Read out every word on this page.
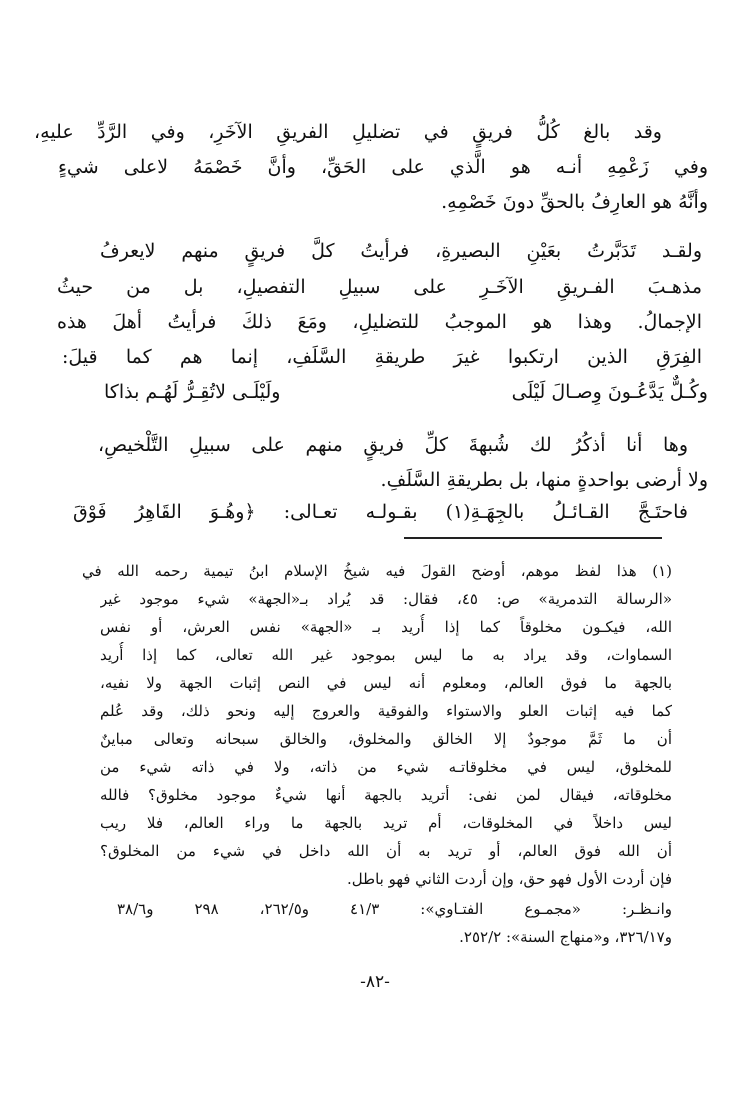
وقد بالغ كُلُّ فريقٍ في تضليلِ الفريقِ الآخَرِ، وفي الرَّدِّ عليهِ،
وفي زَعْمِهِ أنـه هو الَّذي على الحَقِّ، وأنَّ خَصْمَهُ لاعلى شيءٍ
وأنَّهُ هو العارِفُ بالحقِّ دونَ خَصْمِهِ.
ولقـد تَدَبَّرتُ بعَيْنِ البصيرةِ، فرأيتُ كلَّ فريقٍ منهم لايعرفُ
مذهـبَ الفـريقِ الآخَـرِ على سبيلِ التفصيلِ، بل من حيثُ
الإجمالُ. وهذا هو الموجبُ للتضليلِ، ومَعَ ذلكَ فرأيتُ أهلَ هذه
الفِرَقِ الذين ارتكبوا غيرَ طريقةِ السَّلَفِ، إنما هم كما قيلَ:
وكُـلٌّ يَدَّعُـونَ وِصـالَ لَيْلَى
ولَيْلَـى لاتُقِـرُّ لَهُـم بذاكا
وها أنا أذكُرُ لك شُبهةَ كلِّ فريقٍ منهم على سبيلِ التَّلْخيصِ،
ولا أرضى بواحدةٍ منها، بل بطريقةِ السَّلَفِ.
فاحتَـجَّ القـائـلُ بالجِهَـةِ(١) بقـولـه تعـالى: ﴿وهُـوَ القَاهِرُ فَوْقَ
(١) هذا لفظ موهم، أوضح القولَ فيه شيخُ الإسلام ابنُ تيمية رحمه الله في
«الرسالة التدمرية» ص: ٤٥، فقال: قد يُراد بـ«الجهة» شيء موجود غير
الله، فيكـون مخلوقاً كما إذا أُريد بـ «الجهة» نفس العرش، أو نفس
السماوات، وقد يراد به ما ليس بموجود غير الله تعالى، كما إذا أُريد
بالجهة ما فوق العالم، ومعلوم أنه ليس في النص إثبات الجهة ولا نفيه،
كما فيه إثبات العلو والاستواء والفوقية والعروج إليه ونحو ذلك، وقد عُلم
أن ما ثَمَّ موجودٌ إلا الخالق والمخلوق، والخالق سبحانه وتعالى مباينٌ
للمخلوق، ليس في مخلوقاتـه شيء من ذاته، ولا في ذاته شيء من
مخلوقاته، فيقال لمن نفى: أتريد بالجهة أنها شيءٌ موجود مخلوق؟ فالله
ليس داخلاً في المخلوقات، أم تريد بالجهة ما وراء العالم، فلا ريب
أن الله فوق العالم، أو تريد به أن الله داخل في شيء من المخلوق؟
فإن أردت الأول فهو حق، وإن أردت الثاني فهو باطل.
وانـظـر: «مجمـوع الفتـاوي»: ٤١/٣ و٢٦٢/٥، ٢٩٨ و٣٨/٦
و٣٢٦/١٧، و«منهاج السنة»: ٢٥٢/٢.
-٨٢-
